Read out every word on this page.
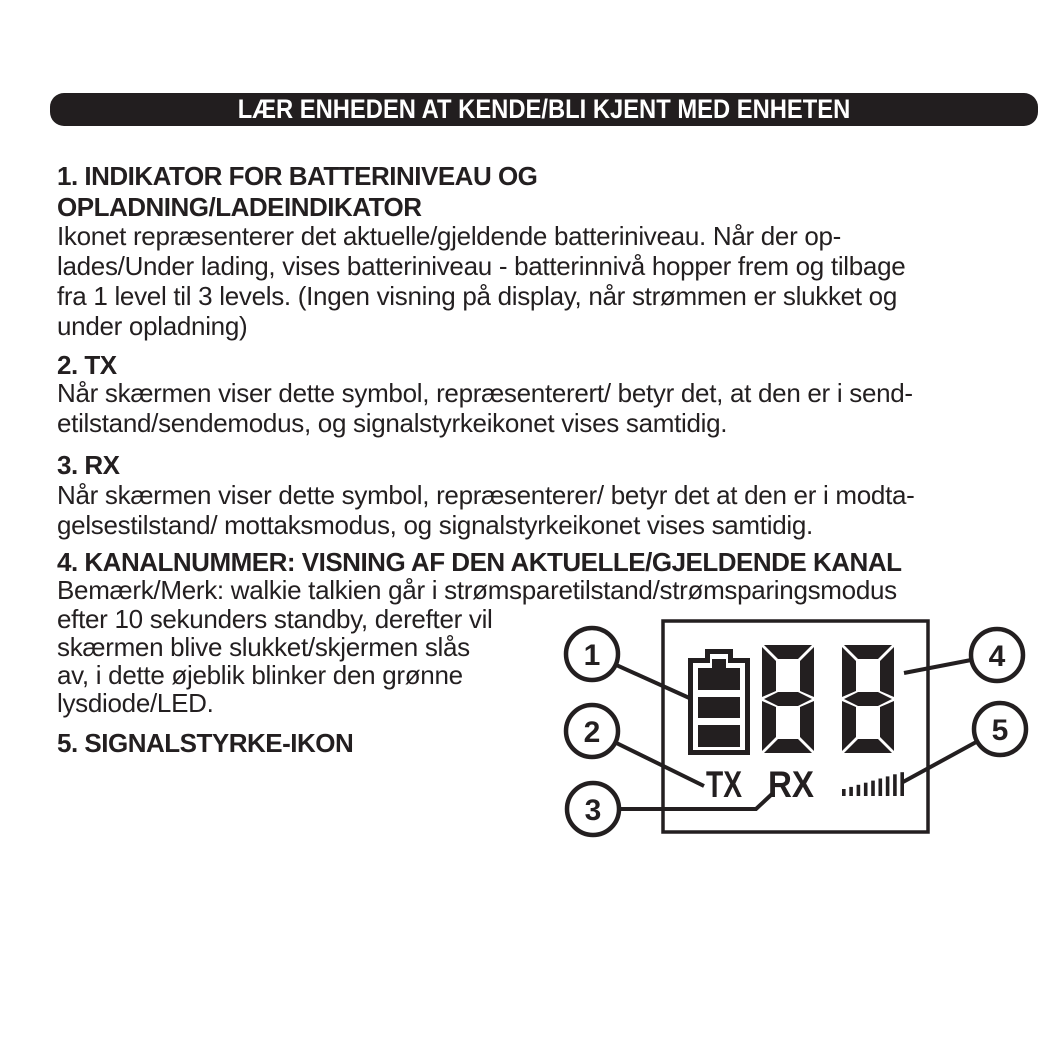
LÆR ENHEDEN AT KENDE/BLI KJENT MED ENHETEN
1. INDIKATOR FOR BATTERINIVEAU OG
OPLADNING/LADEINDIKATOR
Ikonet repræsenterer det aktuelle/gjeldende batteriniveau. Når der op-
lades/Under lading, vises batteriniveau - batterinnivå hopper frem og tilbage
fra 1 level til 3 levels. (Ingen visning på display, når strømmen er slukket og
under opladning)
2. TX
Når skærmen viser dette symbol, repræsenterert/ betyr det, at den er i send-
etilstand/sendemodus, og signalstyrkeikonet vises samtidig.
3. RX
Når skærmen viser dette symbol, repræsenterer/ betyr det at den er i modta-
gelsestilstand/ mottaksmodus, og signalstyrkeikonet vises samtidig.
4. KANALNUMMER: VISNING AF DEN AKTUELLE/GJELDENDE KANAL
Bemærk/Merk: walkie talkien går i strømsparetilstand/strømsparingsmodus
efter 10 sekunders standby, derefter vil
skærmen blive slukket/skjermen slås
av, i dette øjeblik blinker den grønne
lysdiode/LED.
5. SIGNALSTYRKE-IKON
TX RX
1
2
3
4
5
